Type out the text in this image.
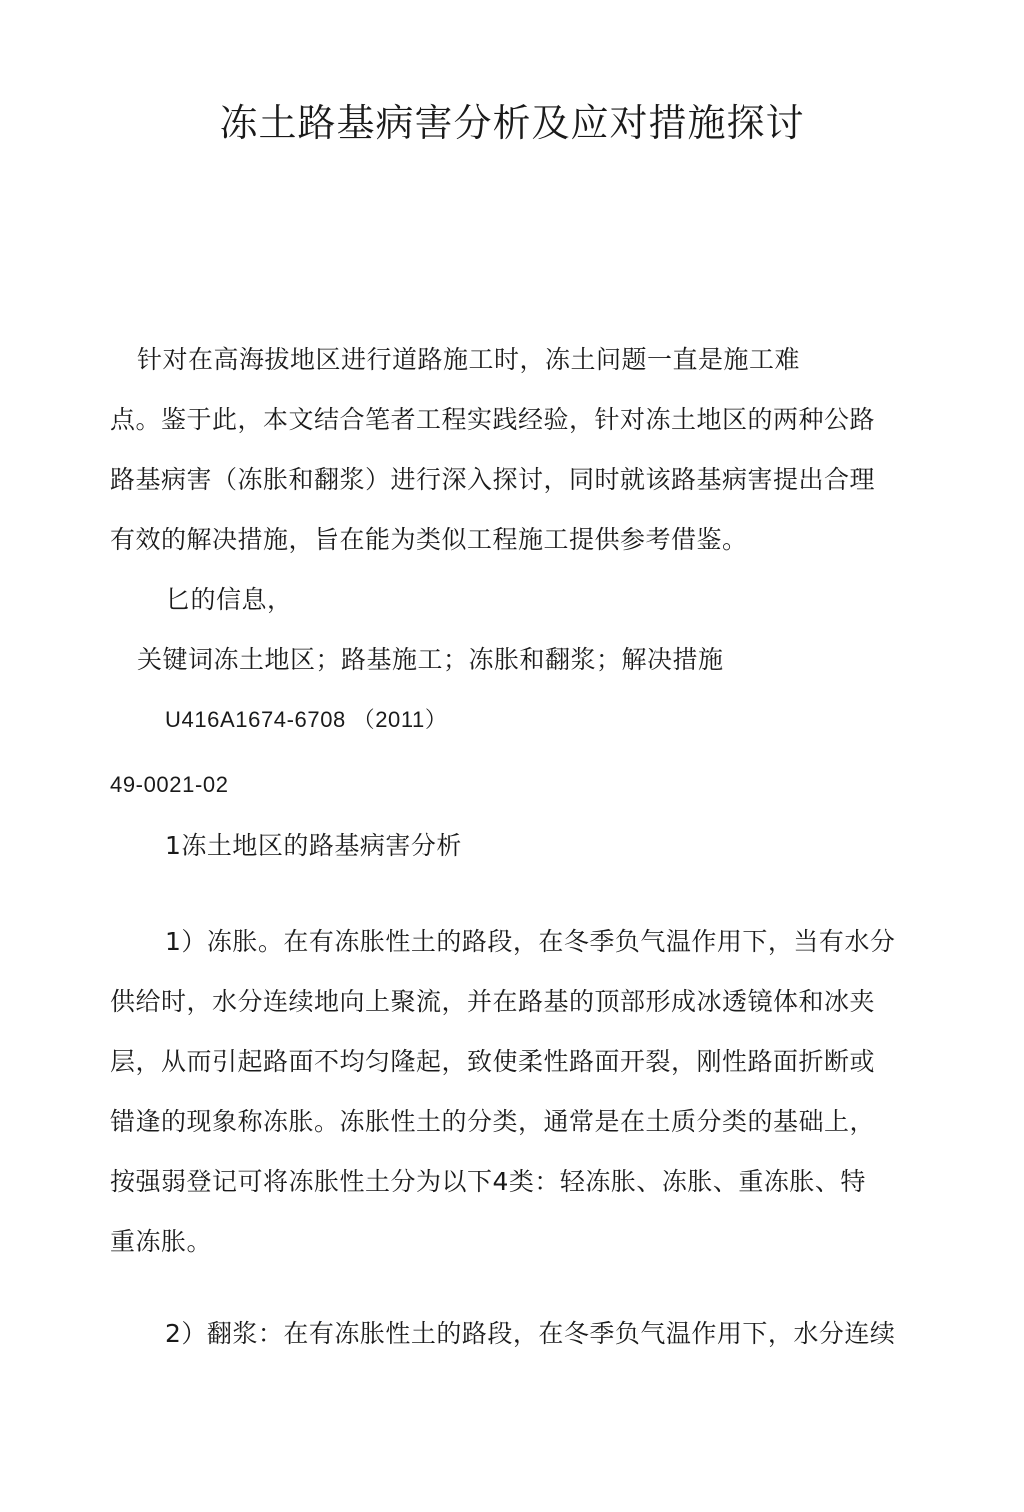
冻土路基病害分析及应对措施探讨
针对在高海拔地区进行道路施工时，冻土问题一直是施工难
点。鉴于此，本文结合笔者工程实践经验，针对冻土地区的两种公路
路基病害（冻胀和翻浆）进行深入探讨，同时就该路基病害提出合理
有效的解决措施，旨在能为类似工程施工提供参考借鉴。
匕的信息，
关键词冻土地区；路基施工；冻胀和翻浆；解决措施
U416A1674-6708 （2011）
49-0021-02
1冻土地区的路基病害分析
1）冻胀。在有冻胀性土的路段，在冬季负气温作用下，当有水分
供给时，水分连续地向上聚流，并在路基的顶部形成冰透镜体和冰夹
层，从而引起路面不均匀隆起，致使柔性路面开裂，刚性路面折断或
错逢的现象称冻胀。冻胀性土的分类，通常是在土质分类的基础上，
按强弱登记可将冻胀性土分为以下4类：轻冻胀、冻胀、重冻胀、特
重冻胀。
2）翻浆：在有冻胀性土的路段，在冬季负气温作用下，水分连续
